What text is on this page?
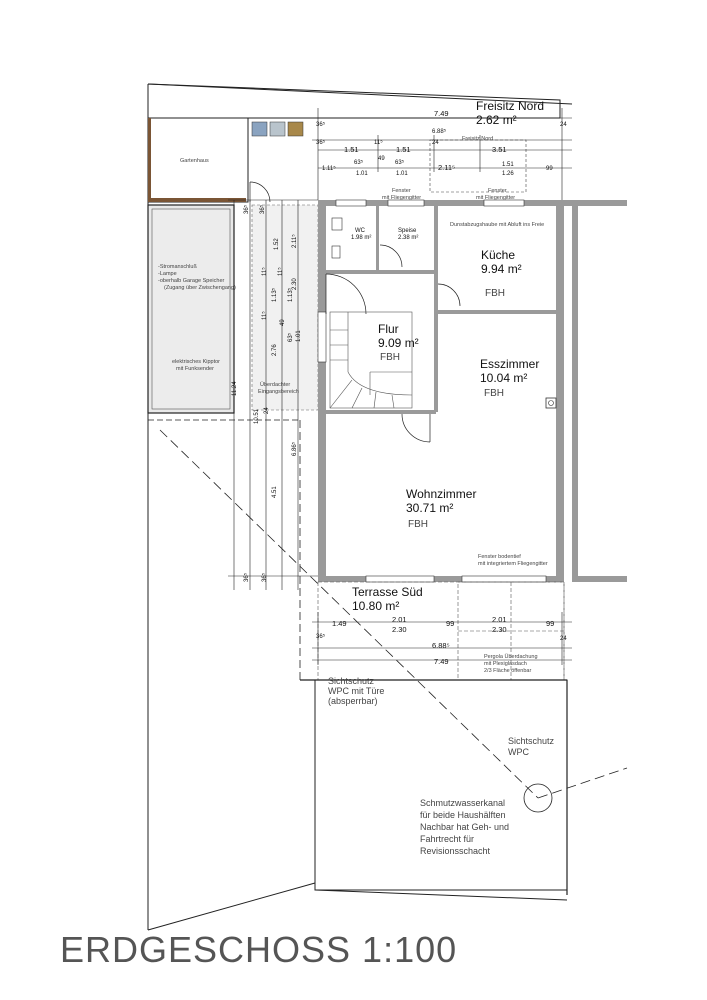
Freisitz Nord
2.62 m²
Küche
9.94 m²
FBH
Flur
9.09 m²
FBH	Esszimmer
10.04 m²
FBH
Wohnzimmer
30.71 m²
FBH
Terrasse Süd
10.80 m²
WC
1.98 m²
Speise
2.38 m²
Gartenhaus
-Stromanschluß
-Lampe
-oberhalb Garage Speicher
(Zugang über Zwischengang)
elektrisches Kipptor
mit Funksender
Überdachter
Eingangsbereich
Fenster
mit Fliegengitter
Fenster
mit Fliegengitter
Dunstabzugshaube mit Abluft ins Freie
Freisitz Nord
Fenster bodentief
mit integriertem Fliegengitter
Pergola Überdachung
mit Plexiglasdach
2/3 Fläche öffenbar
Sichtschutz
WPC mit Türe
(absperrbar)
Sichtschutz
WPC
Schmutzwasserkanal
für beide Haushälften
Nachbar hat Geh- und
Fahrtrecht für
Revisionsschacht
7.49
24
36⁵
6.88⁵
36⁵	11⁵	24
1.51	1.51	3.51
1.11⁵
63⁵
49
63⁵
1.01	1.01
2.11⁵	1.51
1.26
99
36⁵ 36⁵
1.52 2.11⁵
11⁵ 11⁵
2.30
1.13⁵ 1.13⁵
11⁵
49
63⁵ 1.01
2.76
11.24
10.51 24
6.86⁵
4.51
36⁵ 36⁵
1.49	2.01
2.30
99	2.01
2.30
99
36⁵
6.88⁵
24
7.49
ERDGESCHOSS 1:100
